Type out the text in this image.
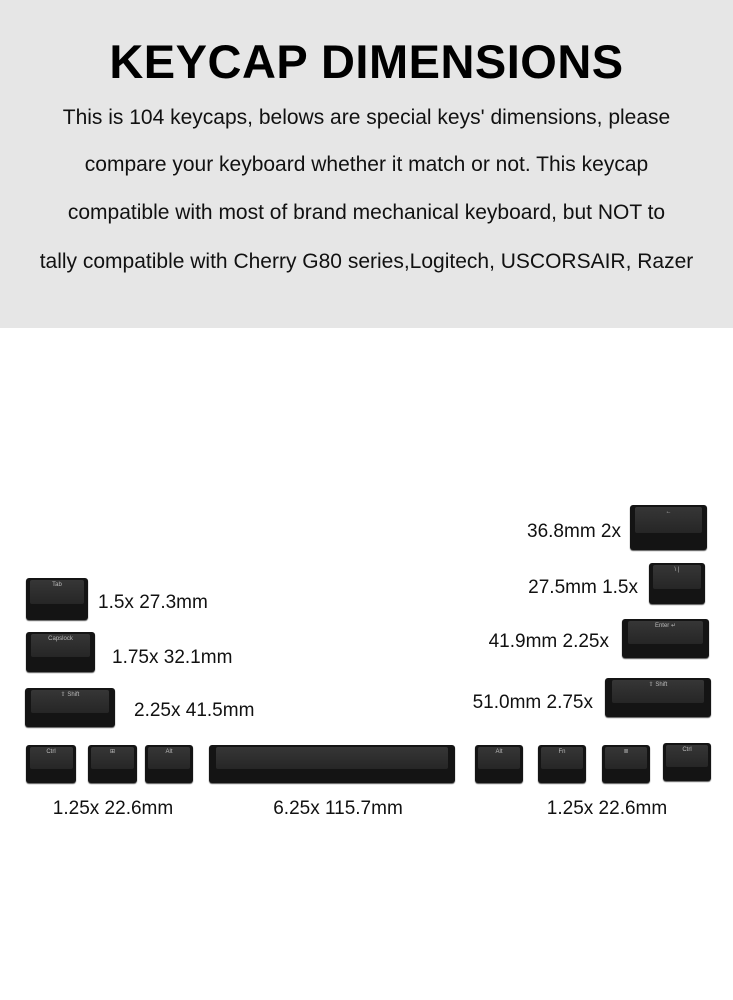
KEYCAP DIMENSIONS
This is 104 keycaps, belows are special keys' dimensions, please
compare your keyboard whether it match or not. This keycap
compatible with most of brand mechanical keyboard, but NOT to
tally compatible with Cherry G80 series,Logitech, USCORSAIR, Razer
Tab
Capslock
⇧ Shift
Ctrl	⊞	Alt	Alt	Fn	≣	Ctrl
←
\ |
Enter ↵
⇧ Shift
1.5x 27.3mm
1.75x 32.1mm
2.25x 41.5mm
1.25x 22.6mm	6.25x 115.7mm	1.25x 22.6mm
36.8mm 2x
27.5mm 1.5x
41.9mm 2.25x
51.0mm 2.75x
